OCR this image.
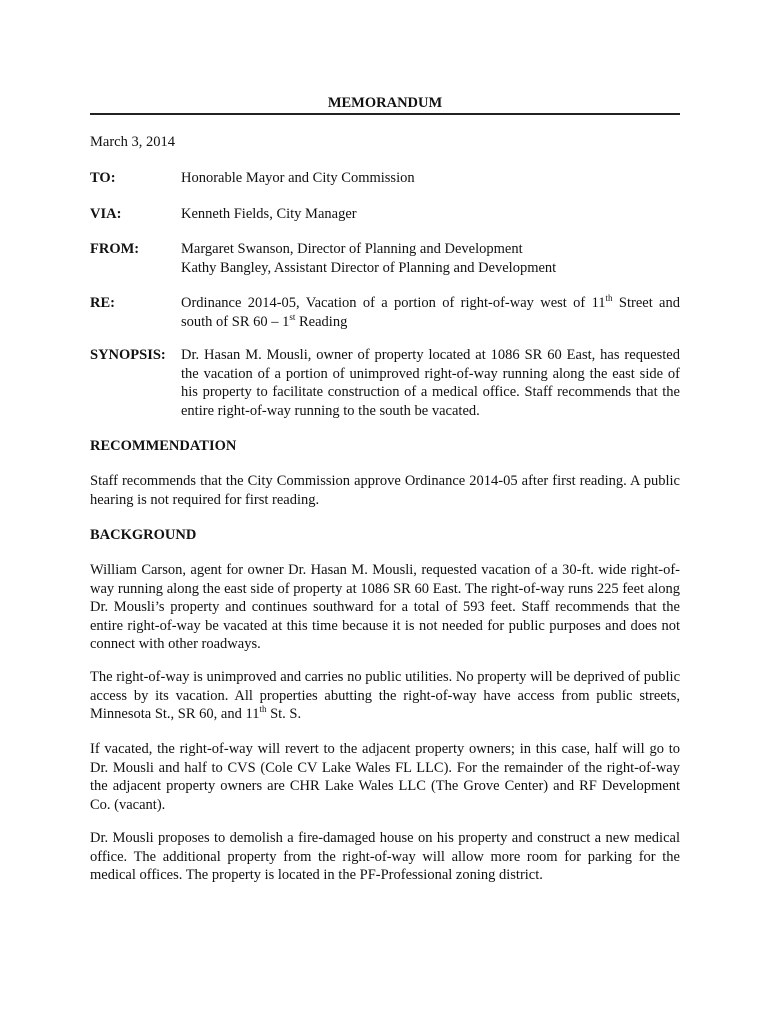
MEMORANDUM
March 3, 2014
TO:	Honorable Mayor and City Commission
VIA:	Kenneth Fields, City Manager
FROM:	Margaret Swanson, Director of Planning and Development
Kathy Bangley, Assistant Director of Planning and Development
RE:	Ordinance 2014-05, Vacation of a portion of right-of-way west of 11th Street and south of SR 60 – 1st Reading
SYNOPSIS: Dr. Hasan M. Mousli, owner of property located at 1086 SR 60 East, has requested the vacation of a portion of unimproved right-of-way running along the east side of his property to facilitate construction of a medical office. Staff recommends that the entire right-of-way running to the south be vacated.
RECOMMENDATION
Staff recommends that the City Commission approve Ordinance 2014-05 after first reading. A public hearing is not required for first reading.
BACKGROUND
William Carson, agent for owner Dr. Hasan M. Mousli, requested vacation of a 30-ft. wide right-of-way running along the east side of property at 1086 SR 60 East. The right-of-way runs 225 feet along Dr. Mousli’s property and continues southward for a total of 593 feet. Staff recommends that the entire right-of-way be vacated at this time because it is not needed for public purposes and does not connect with other roadways.
The right-of-way is unimproved and carries no public utilities. No property will be deprived of public access by its vacation. All properties abutting the right-of-way have access from public streets, Minnesota St., SR 60, and 11th St. S.
If vacated, the right-of-way will revert to the adjacent property owners; in this case, half will go to Dr. Mousli and half to CVS (Cole CV Lake Wales FL LLC). For the remainder of the right-of-way the adjacent property owners are CHR Lake Wales LLC (The Grove Center) and RF Development Co. (vacant).
Dr. Mousli proposes to demolish a fire-damaged house on his property and construct a new medical office. The additional property from the right-of-way will allow more room for parking for the medical offices. The property is located in the PF-Professional zoning district.
